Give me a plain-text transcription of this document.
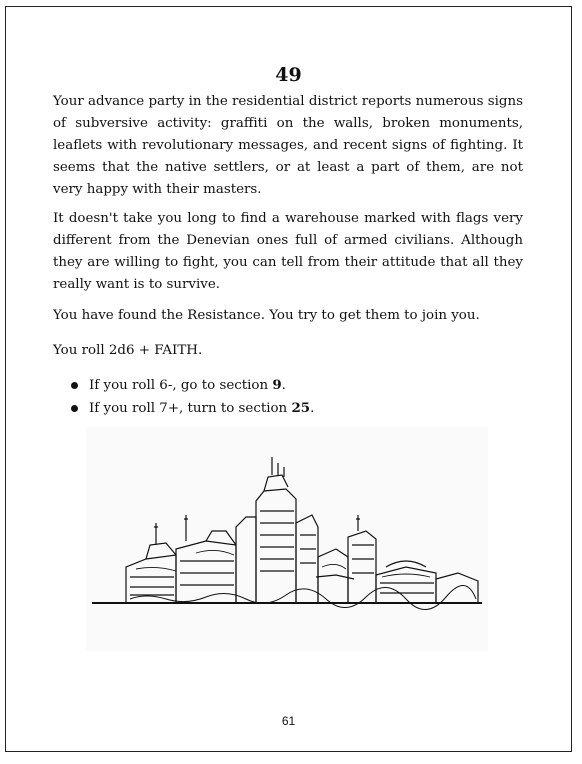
49
Your advance party in the residential district reports numerous signs of subversive activity: graffiti on the walls, broken monuments, leaflets with revolutionary messages, and recent signs of fighting. It seems that the native settlers, or at least a part of them, are not very happy with their masters.
It doesn't take you long to find a warehouse marked with flags very different from the Denevian ones full of armed civilians. Although they are willing to fight, you can tell from their attitude that all they really want is to survive.
You have found the Resistance. You try to get them to join you.
You roll 2d6 + FAITH.
If you roll 6-, go to section 9.
If you roll 7+, turn to section 25.
61
